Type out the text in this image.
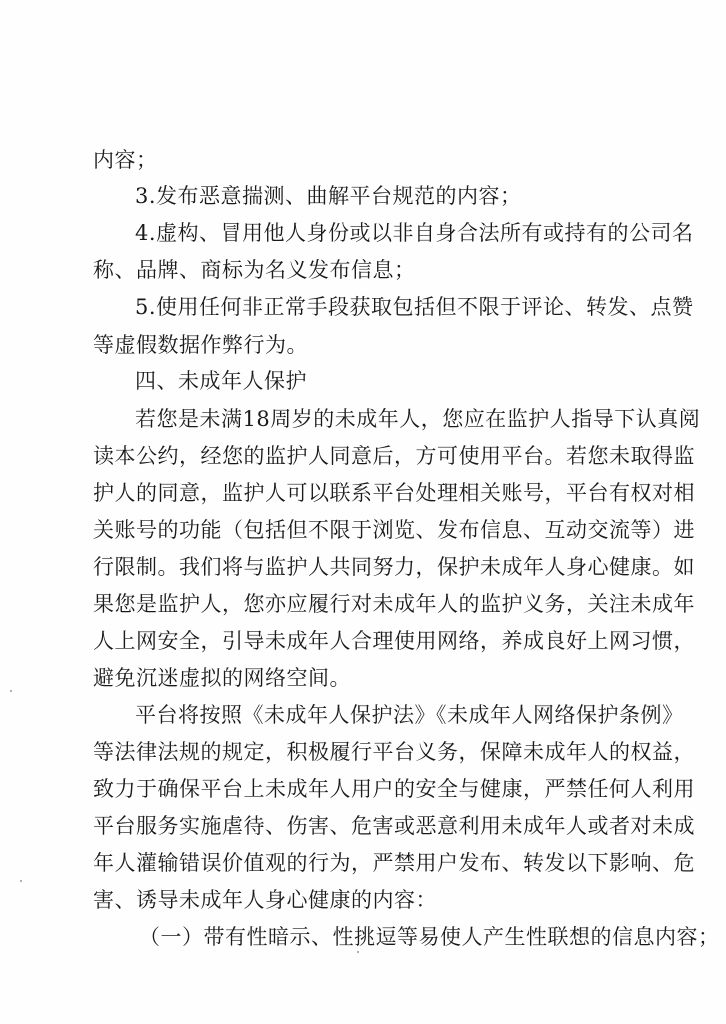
内容；
3.发布恶意揣测、曲解平台规范的内容；
4.虚构、冒用他人身份或以非自身合法所有或持有的公司名
称、品牌、商标为名义发布信息；
5.使用任何非正常手段获取包括但不限于评论、转发、点赞
等虚假数据作弊行为。
四、未成年人保护
若您是未满18周岁的未成年人，您应在监护人指导下认真阅
读本公约，经您的监护人同意后，方可使用平台。若您未取得监
护人的同意，监护人可以联系平台处理相关账号，平台有权对相
关账号的功能（包括但不限于浏览、发布信息、互动交流等）进
行限制。我们将与监护人共同努力，保护未成年人身心健康。如
果您是监护人，您亦应履行对未成年人的监护义务，关注未成年
人上网安全，引导未成年人合理使用网络，养成良好上网习惯，
避免沉迷虚拟的网络空间。
平台将按照《未成年人保护法》《未成年人网络保护条例》
等法律法规的规定，积极履行平台义务，保障未成年人的权益，
致力于确保平台上未成年人用户的安全与健康，严禁任何人利用
平台服务实施虐待、伤害、危害或恶意利用未成年人或者对未成
年人灌输错误价值观的行为，严禁用户发布、转发以下影响、危
害、诱导未成年人身心健康的内容：
（一）带有性暗示、性挑逗等易使人产生性联想的信息内容；
